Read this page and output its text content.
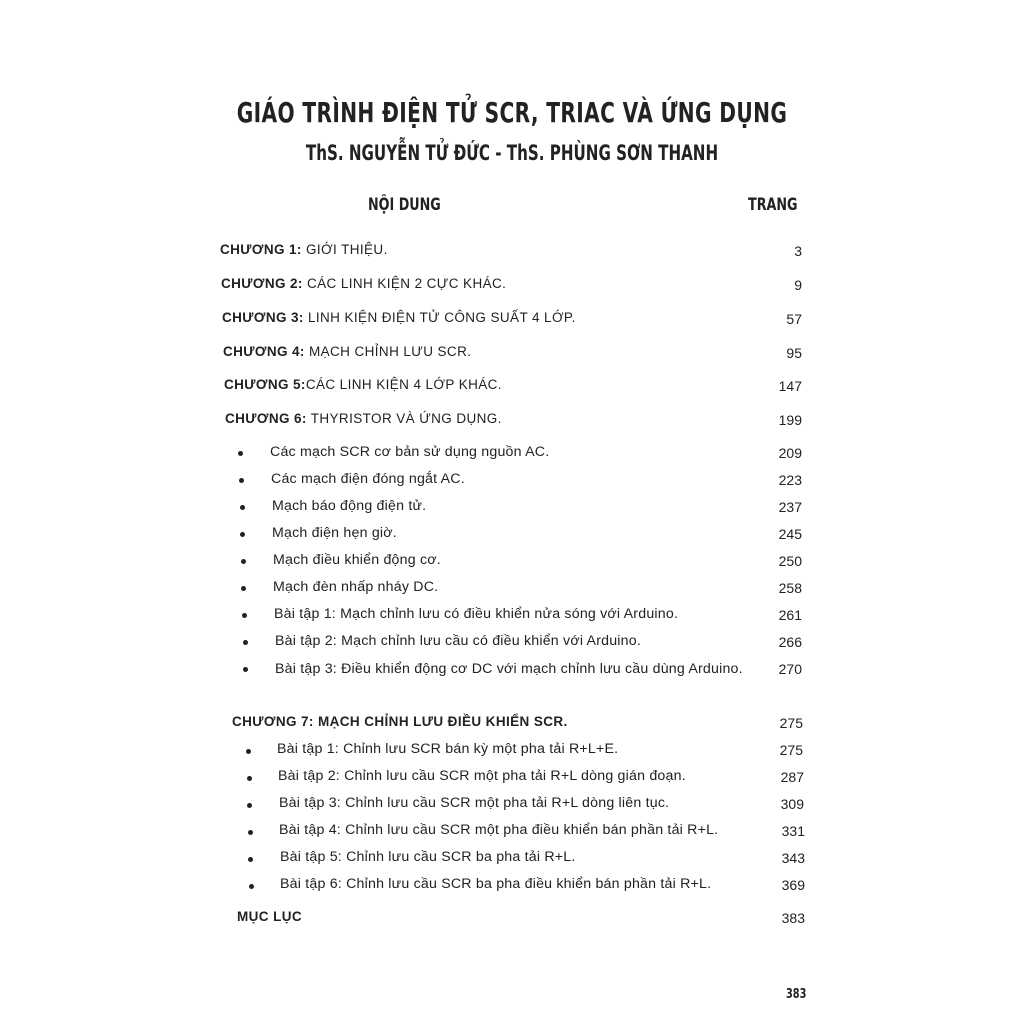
GIÁO TRÌNH ĐIỆN TỬ SCR, TRIAC VÀ ỨNG DỤNG
ThS. NGUYỄN TỬ ĐỨC - ThS. PHÙNG SƠN THANH
NỘI DUNG	TRANG
CHƯƠNG 1: GIỚI THIỆU.	3
CHƯƠNG 2: CÁC LINH KIỆN 2 CỰC KHÁC.	9
CHƯƠNG 3: LINH KIỆN ĐIỆN TỬ CÔNG SUẤT 4 LỚP.	57
CHƯƠNG 4: MẠCH CHỈNH LƯU SCR.	95
CHƯƠNG 5:CÁC LINH KIỆN 4 LỚP KHÁC.	147
CHƯƠNG 6: THYRISTOR VÀ ỨNG DỤNG.	199
Các mạch SCR cơ bản sử dụng nguồn AC.	209
Các mạch điện đóng ngắt AC.	223
Mạch báo động điện tử.	237
Mạch điện hẹn giờ.	245
Mạch điều khiển động cơ.	250
Mạch đèn nhấp nháy DC.	258
Bài tập 1: Mạch chỉnh lưu có điều khiển nửa sóng với Arduino.	261
Bài tập 2: Mạch chỉnh lưu cầu có điều khiển với Arduino.	266
Bài tập 3: Điều khiển động cơ DC với mạch chỉnh lưu cầu dùng Arduino.	270
CHƯƠNG 7: MẠCH CHỈNH LƯU ĐIỀU KHIỂN SCR.	275
Bài tập 1: Chỉnh lưu SCR bán kỳ một pha tải R+L+E.	275
Bài tập 2: Chỉnh lưu cầu SCR một pha tải R+L dòng gián đoạn.	287
Bài tập 3: Chỉnh lưu cầu SCR một pha tải R+L dòng liên tục.	309
Bài tập 4: Chỉnh lưu cầu SCR một pha điều khiển bán phần tải R+L.	331
Bài tập 5: Chỉnh lưu cầu SCR ba pha tải R+L.	343
Bài tập 6: Chỉnh lưu cầu SCR ba pha điều khiển bán phần tải R+L.	369
MỤC LỤC	383
383
